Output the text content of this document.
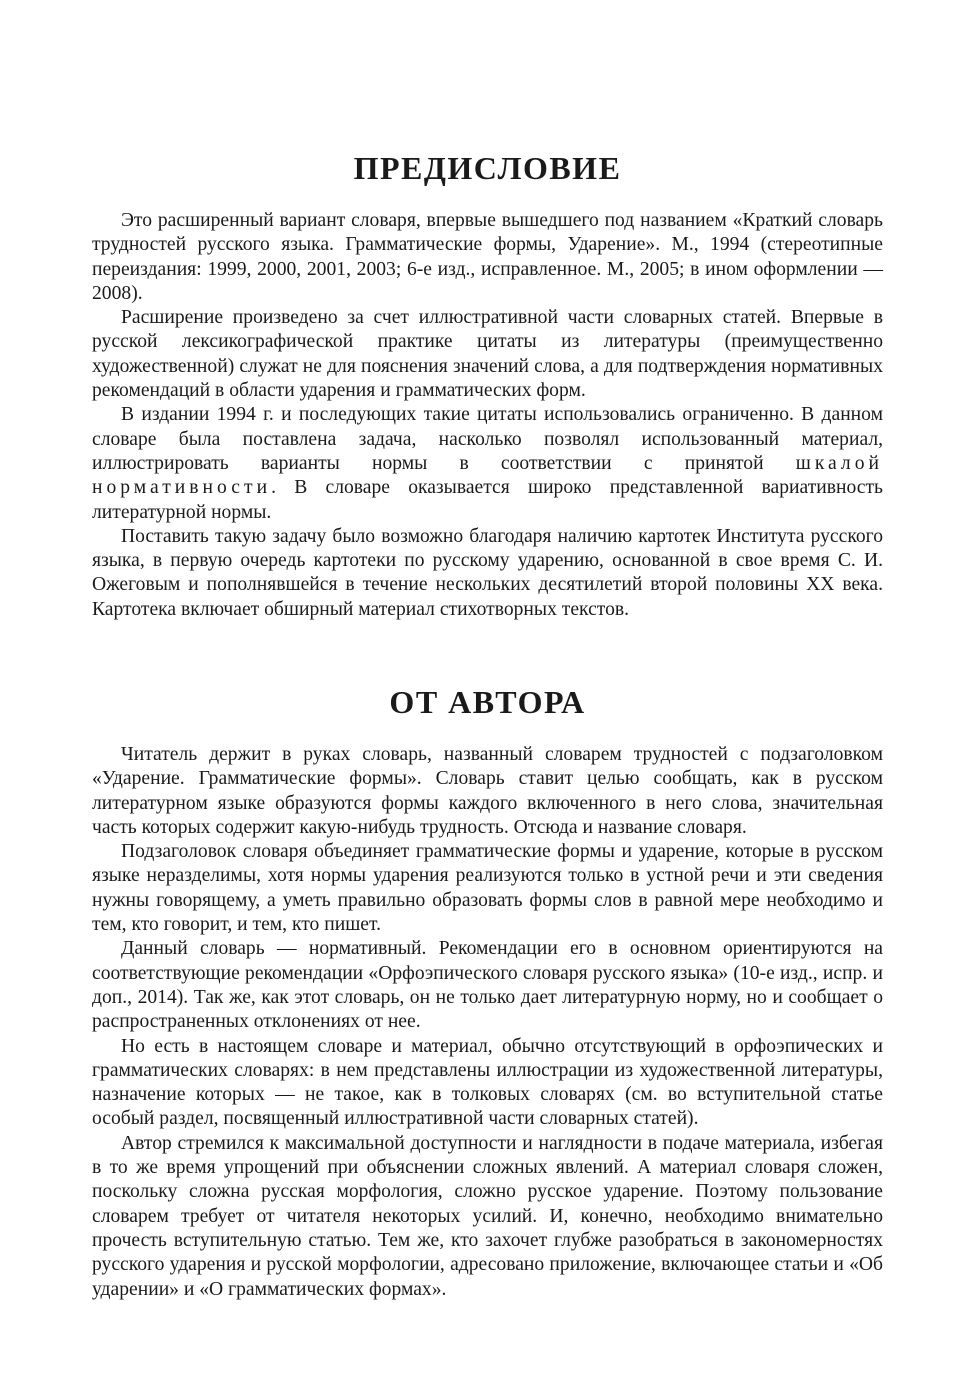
ПРЕДИСЛОВИЕ

Это расширенный вариант словаря, впервые вышедшего под названием «Краткий словарь трудностей русского языка. Грамматические формы, Ударение». М., 1994 (стереотипные переиздания: 1999, 2000, 2001, 2003; 6-е изд., исправленное. М., 2005; в ином оформлении — 2008).

Расширение произведено за счет иллюстративной части словарных статей. Впервые в русской лексикографической практике цитаты из литературы (преимущественно художественной) служат не для пояснения значений слова, а для подтверждения нормативных рекомендаций в области ударения и грамматических форм.

В издании 1994 г. и последующих такие цитаты использовались ограниченно. В данном словаре была поставлена задача, насколько позволял использованный материал, иллюстрировать варианты нормы в соответствии с принятой шкалой нормативности. В словаре оказывается широко представленной вариативность литературной нормы.

Поставить такую задачу было возможно благодаря наличию картотек Института русского языка, в первую очередь картотеки по русскому ударению, основанной в свое время С. И. Ожеговым и пополнявшейся в течение нескольких десятилетий второй половины XX века. Картотека включает обширный материал стихотворных текстов.

ОТ АВТОРА

Читатель держит в руках словарь, названный словарем трудностей с подзаголовком «Ударение. Грамматические формы». Словарь ставит целью сообщать, как в русском литературном языке образуются формы каждого включенного в него слова, значительная часть которых содержит какую-нибудь трудность. Отсюда и название словаря.

Подзаголовок словаря объединяет грамматические формы и ударение, которые в русском языке неразделимы, хотя нормы ударения реализуются только в устной речи и эти сведения нужны говорящему, а уметь правильно образовать формы слов в равной мере необходимо и тем, кто говорит, и тем, кто пишет.

Данный словарь — нормативный. Рекомендации его в основном ориентируются на соответствующие рекомендации «Орфоэпического словаря русского языка» (10-е изд., испр. и доп., 2014). Так же, как этот словарь, он не только дает литературную норму, но и сообщает о распространенных отклонениях от нее.

Но есть в настоящем словаре и материал, обычно отсутствующий в орфоэпических и грамматических словарях: в нем представлены иллюстрации из художественной литературы, назначение которых — не такое, как в толковых словарях (см. во вступительной статье особый раздел, посвященный иллюстративной части словарных статей).

Автор стремился к максимальной доступности и наглядности в подаче материала, избегая в то же время упрощений при объяснении сложных явлений. А материал словаря сложен, поскольку сложна русская морфология, сложно русское ударение. Поэтому пользование словарем требует от читателя некоторых усилий. И, конечно, необходимо внимательно прочесть вступительную статью. Тем же, кто захочет глубже разобраться в закономерностях русского ударения и русской морфологии, адресовано приложение, включающее статьи и «Об ударении» и «О грамматических формах».
